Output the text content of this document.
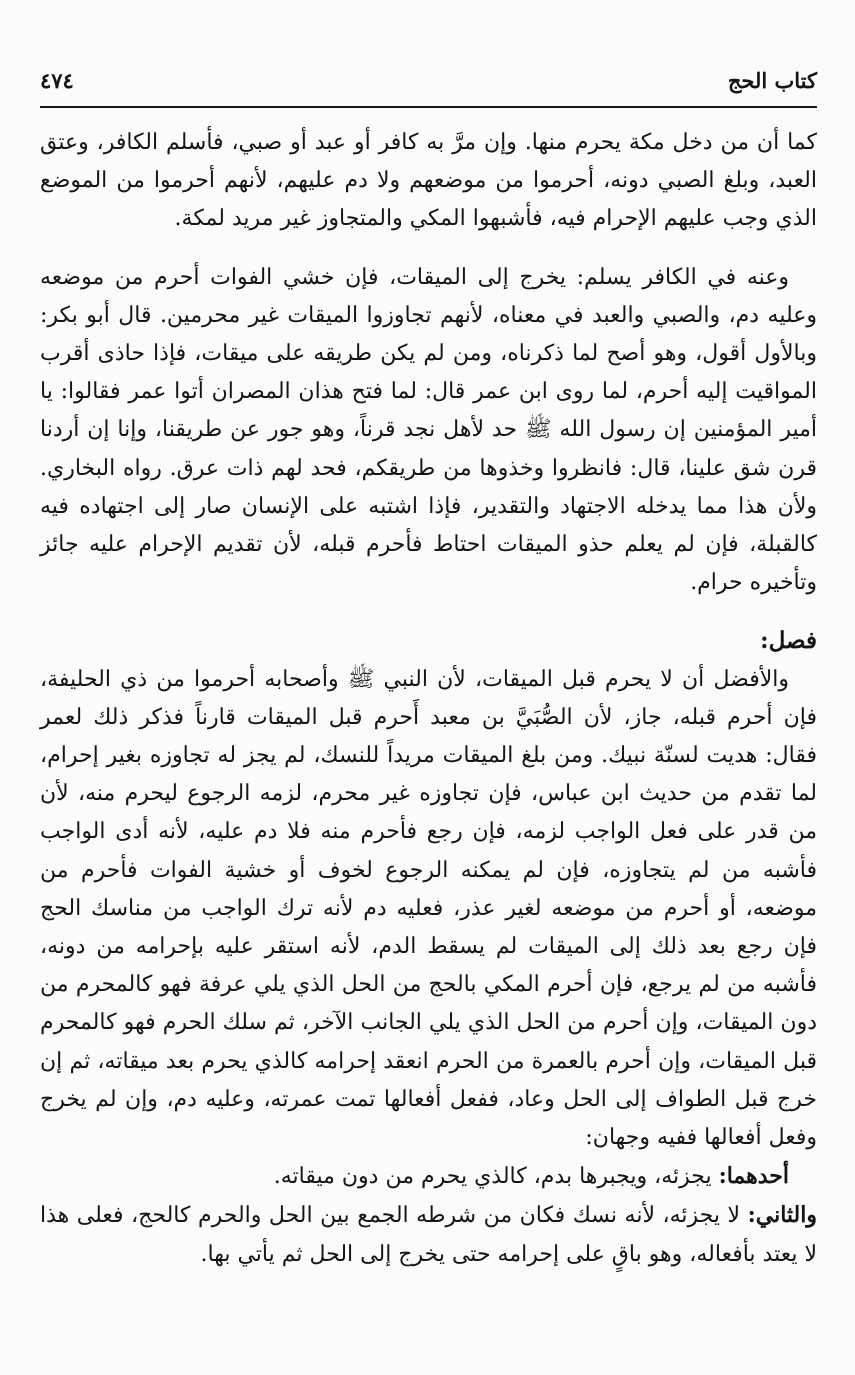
كتاب الحج
٤٧٤

كما أن من دخل مكة يحرم منها. وإن مرَّ به كافر أو عبد أو صبي، فأسلم الكافر، وعتق العبد، وبلغ الصبي دونه، أحرموا من موضعهم ولا دم عليهم، لأنهم أحرموا من الموضع الذي وجب عليهم الإحرام فيه، فأشبهوا المكي والمتجاوز غير مريد لمكة.

وعنه في الكافر يسلم: يخرج إلى الميقات، فإن خشي الفوات أحرم من موضعه وعليه دم، والصبي والعبد في معناه، لأنهم تجاوزوا الميقات غير محرمين. قال أبو بكر: وبالأول أقول، وهو أصح لما ذكرناه، ومن لم يكن طريقه على ميقات، فإذا حاذى أقرب المواقيت إليه أحرم، لما روى ابن عمر قال: لما فتح هذان المصران أتوا عمر فقالوا: يا أمير المؤمنين إن رسول الله ﷺ حد لأهل نجد قرناً، وهو جور عن طريقنا، وإنا إن أردنا قرن شق علينا، قال: فانظروا وخذوها من طريقكم، فحد لهم ذات عرق. رواه البخاري. ولأن هذا مما يدخله الاجتهاد والتقدير، فإذا اشتبه على الإنسان صار إلى اجتهاده فيه كالقبلة، فإن لم يعلم حذو الميقات احتاط فأحرم قبله، لأن تقديم الإحرام عليه جائز وتأخيره حرام.

فصل:

والأفضل أن لا يحرم قبل الميقات، لأن النبي ﷺ وأصحابه أحرموا من ذي الحليفة، فإن أحرم قبله، جاز، لأن الصُّبَيَّ بن معبد أَحرم قبل الميقات قارناً فذكر ذلك لعمر فقال: هديت لسنّة نبيك. ومن بلغ الميقات مريداً للنسك، لم يجز له تجاوزه بغير إحرام، لما تقدم من حديث ابن عباس، فإن تجاوزه غير محرم، لزمه الرجوع ليحرم منه، لأن من قدر على فعل الواجب لزمه، فإن رجع فأحرم منه فلا دم عليه، لأنه أدى الواجب فأشبه من لم يتجاوزه، فإن لم يمكنه الرجوع لخوف أو خشية الفوات فأحرم من موضعه، أو أحرم من موضعه لغير عذر، فعليه دم لأنه ترك الواجب من مناسك الحج فإن رجع بعد ذلك إلى الميقات لم يسقط الدم، لأنه استقر عليه بإحرامه من دونه، فأشبه من لم يرجع، فإن أحرم المكي بالحج من الحل الذي يلي عرفة فهو كالمحرم من دون الميقات، وإن أحرم من الحل الذي يلي الجانب الآخر، ثم سلك الحرم فهو كالمحرم قبل الميقات، وإن أحرم بالعمرة من الحرم انعقد إحرامه كالذي يحرم بعد ميقاته، ثم إن خرج قبل الطواف إلى الحل وعاد، ففعل أفعالها تمت عمرته، وعليه دم، وإن لم يخرج وفعل أفعالها ففيه وجهان:

أحدهما: يجزئه، ويجبرها بدم، كالذي يحرم من دون ميقاته.

والثاني: لا يجزئه، لأنه نسك فكان من شرطه الجمع بين الحل والحرم كالحج، فعلى هذا لا يعتد بأفعاله، وهو باقٍ على إحرامه حتى يخرج إلى الحل ثم يأتي بها.
